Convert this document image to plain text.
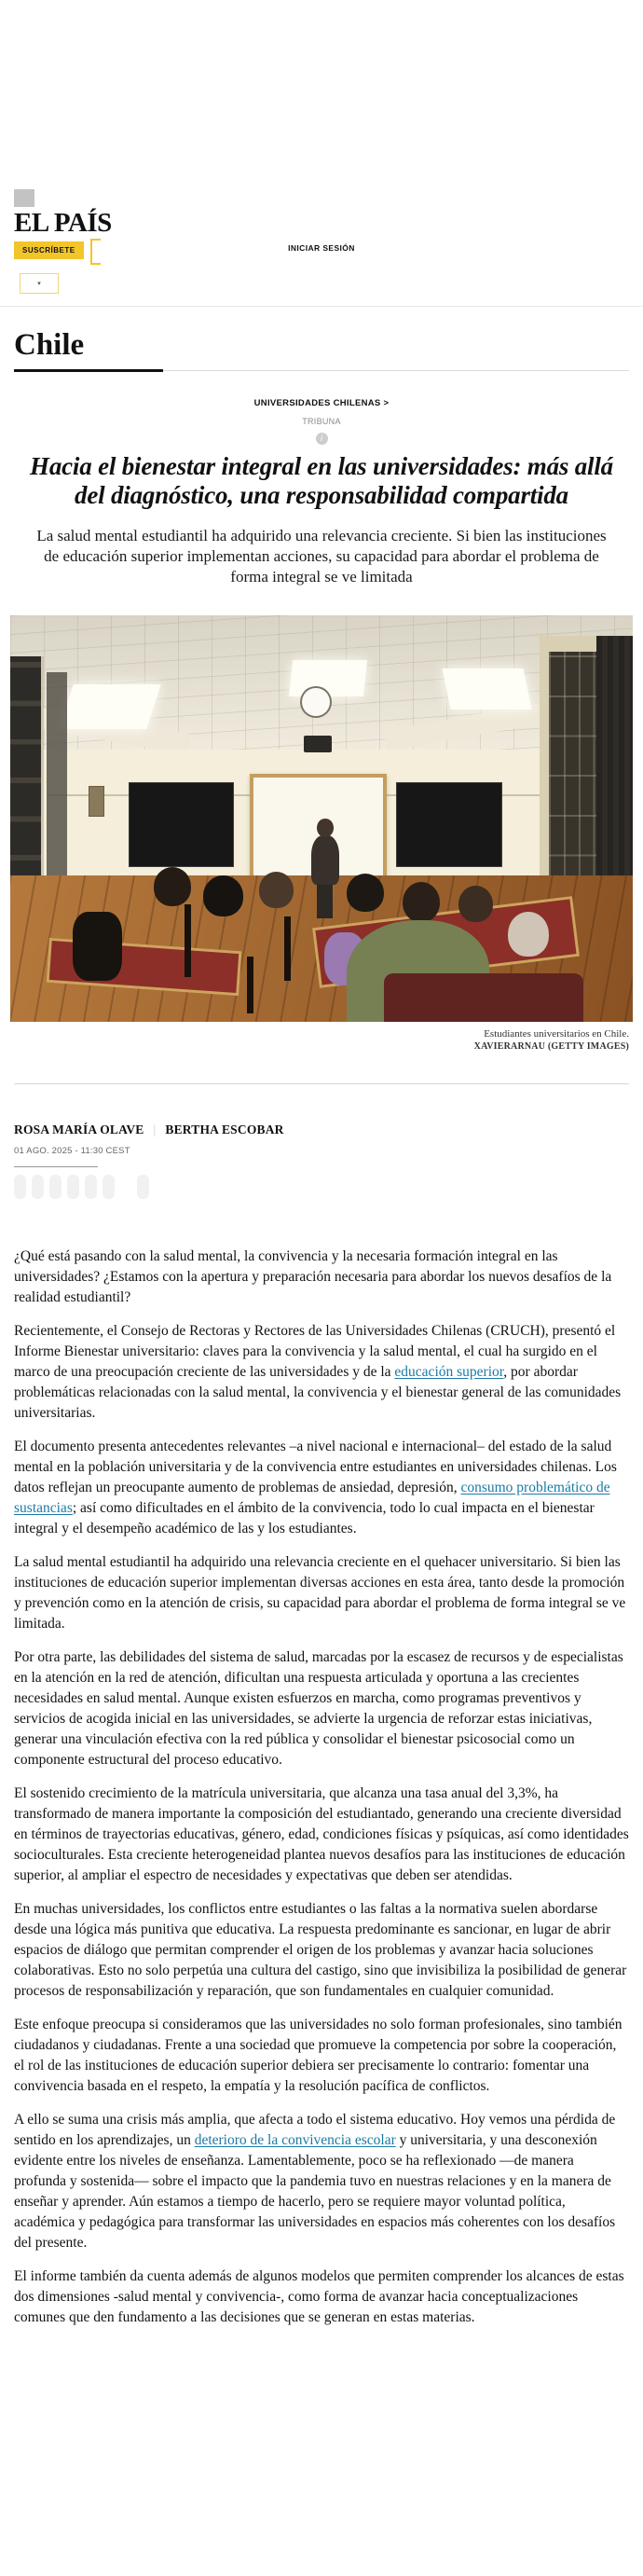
EL PAÍS
SUSCRÍBETE	INICIAR SESIÓN
▾
Chile
UNIVERSIDADES CHILENAS >
TRIBUNA
i
Hacia el bienestar integral en las universidades: más allá del diagnóstico, una responsabilidad compartida

La salud mental estudiantil ha adquirido una relevancia creciente. Si bien las instituciones de educación superior implementan acciones, su capacidad para abordar el problema de forma integral se ve limitada

Estudiantes universitarios en Chile.
XAVIERARNAU (GETTY IMAGES)
ROSA MARÍA OLAVE | BERTHA ESCOBAR
01 AGO. 2025 - 11:30 CEST

¿Qué está pasando con la salud mental, la convivencia y la necesaria formación integral en las universidades? ¿Estamos con la apertura y preparación necesaria para abordar los nuevos desafíos de la realidad estudiantil?

Recientemente, el Consejo de Rectoras y Rectores de las Universidades Chilenas (CRUCH), presentó el Informe Bienestar universitario: claves para la convivencia y la salud mental, el cual ha surgido en el marco de una preocupación creciente de las universidades y de la educación superior, por abordar problemáticas relacionadas con la salud mental, la convivencia y el bienestar general de las comunidades universitarias.

El documento presenta antecedentes relevantes –a nivel nacional e internacional– del estado de la salud mental en la población universitaria y de la convivencia entre estudiantes en universidades chilenas. Los datos reflejan un preocupante aumento de problemas de ansiedad, depresión, consumo problemático de sustancias; así como dificultades en el ámbito de la convivencia, todo lo cual impacta en el bienestar integral y el desempeño académico de las y los estudiantes.

La salud mental estudiantil ha adquirido una relevancia creciente en el quehacer universitario. Si bien las instituciones de educación superior implementan diversas acciones en esta área, tanto desde la promoción y prevención como en la atención de crisis, su capacidad para abordar el problema de forma integral se ve limitada.

Por otra parte, las debilidades del sistema de salud, marcadas por la escasez de recursos y de especialistas en la atención en la red de atención, dificultan una respuesta articulada y oportuna a las crecientes necesidades en salud mental. Aunque existen esfuerzos en marcha, como programas preventivos y servicios de acogida inicial en las universidades, se advierte la urgencia de reforzar estas iniciativas, generar una vinculación efectiva con la red pública y consolidar el bienestar psicosocial como un componente estructural del proceso educativo.

El sostenido crecimiento de la matrícula universitaria, que alcanza una tasa anual del 3,3%, ha transformado de manera importante la composición del estudiantado, generando una creciente diversidad en términos de trayectorias educativas, género, edad, condiciones físicas y psíquicas, así como identidades socioculturales. Esta creciente heterogeneidad plantea nuevos desafíos para las instituciones de educación superior, al ampliar el espectro de necesidades y expectativas que deben ser atendidas.

En muchas universidades, los conflictos entre estudiantes o las faltas a la normativa suelen abordarse desde una lógica más punitiva que educativa. La respuesta predominante es sancionar, en lugar de abrir espacios de diálogo que permitan comprender el origen de los problemas y avanzar hacia soluciones colaborativas. Esto no solo perpetúa una cultura del castigo, sino que invisibiliza la posibilidad de generar procesos de responsabilización y reparación, que son fundamentales en cualquier comunidad.

Este enfoque preocupa si consideramos que las universidades no solo forman profesionales, sino también ciudadanos y ciudadanas. Frente a una sociedad que promueve la competencia por sobre la cooperación, el rol de las instituciones de educación superior debiera ser precisamente lo contrario: fomentar una convivencia basada en el respeto, la empatía y la resolución pacífica de conflictos.

A ello se suma una crisis más amplia, que afecta a todo el sistema educativo. Hoy vemos una pérdida de sentido en los aprendizajes, un deterioro de la convivencia escolar y universitaria, y una desconexión evidente entre los niveles de enseñanza. Lamentablemente, poco se ha reflexionado —de manera profunda y sostenida— sobre el impacto que la pandemia tuvo en nuestras relaciones y en la manera de enseñar y aprender. Aún estamos a tiempo de hacerlo, pero se requiere mayor voluntad política, académica y pedagógica para transformar las universidades en espacios más coherentes con los desafíos del presente.

El informe también da cuenta además de algunos modelos que permiten comprender los alcances de estas dos dimensiones -salud mental y convivencia-, como forma de avanzar hacia conceptualizaciones comunes que den fundamento a las decisiones que se generan en estas materias.
